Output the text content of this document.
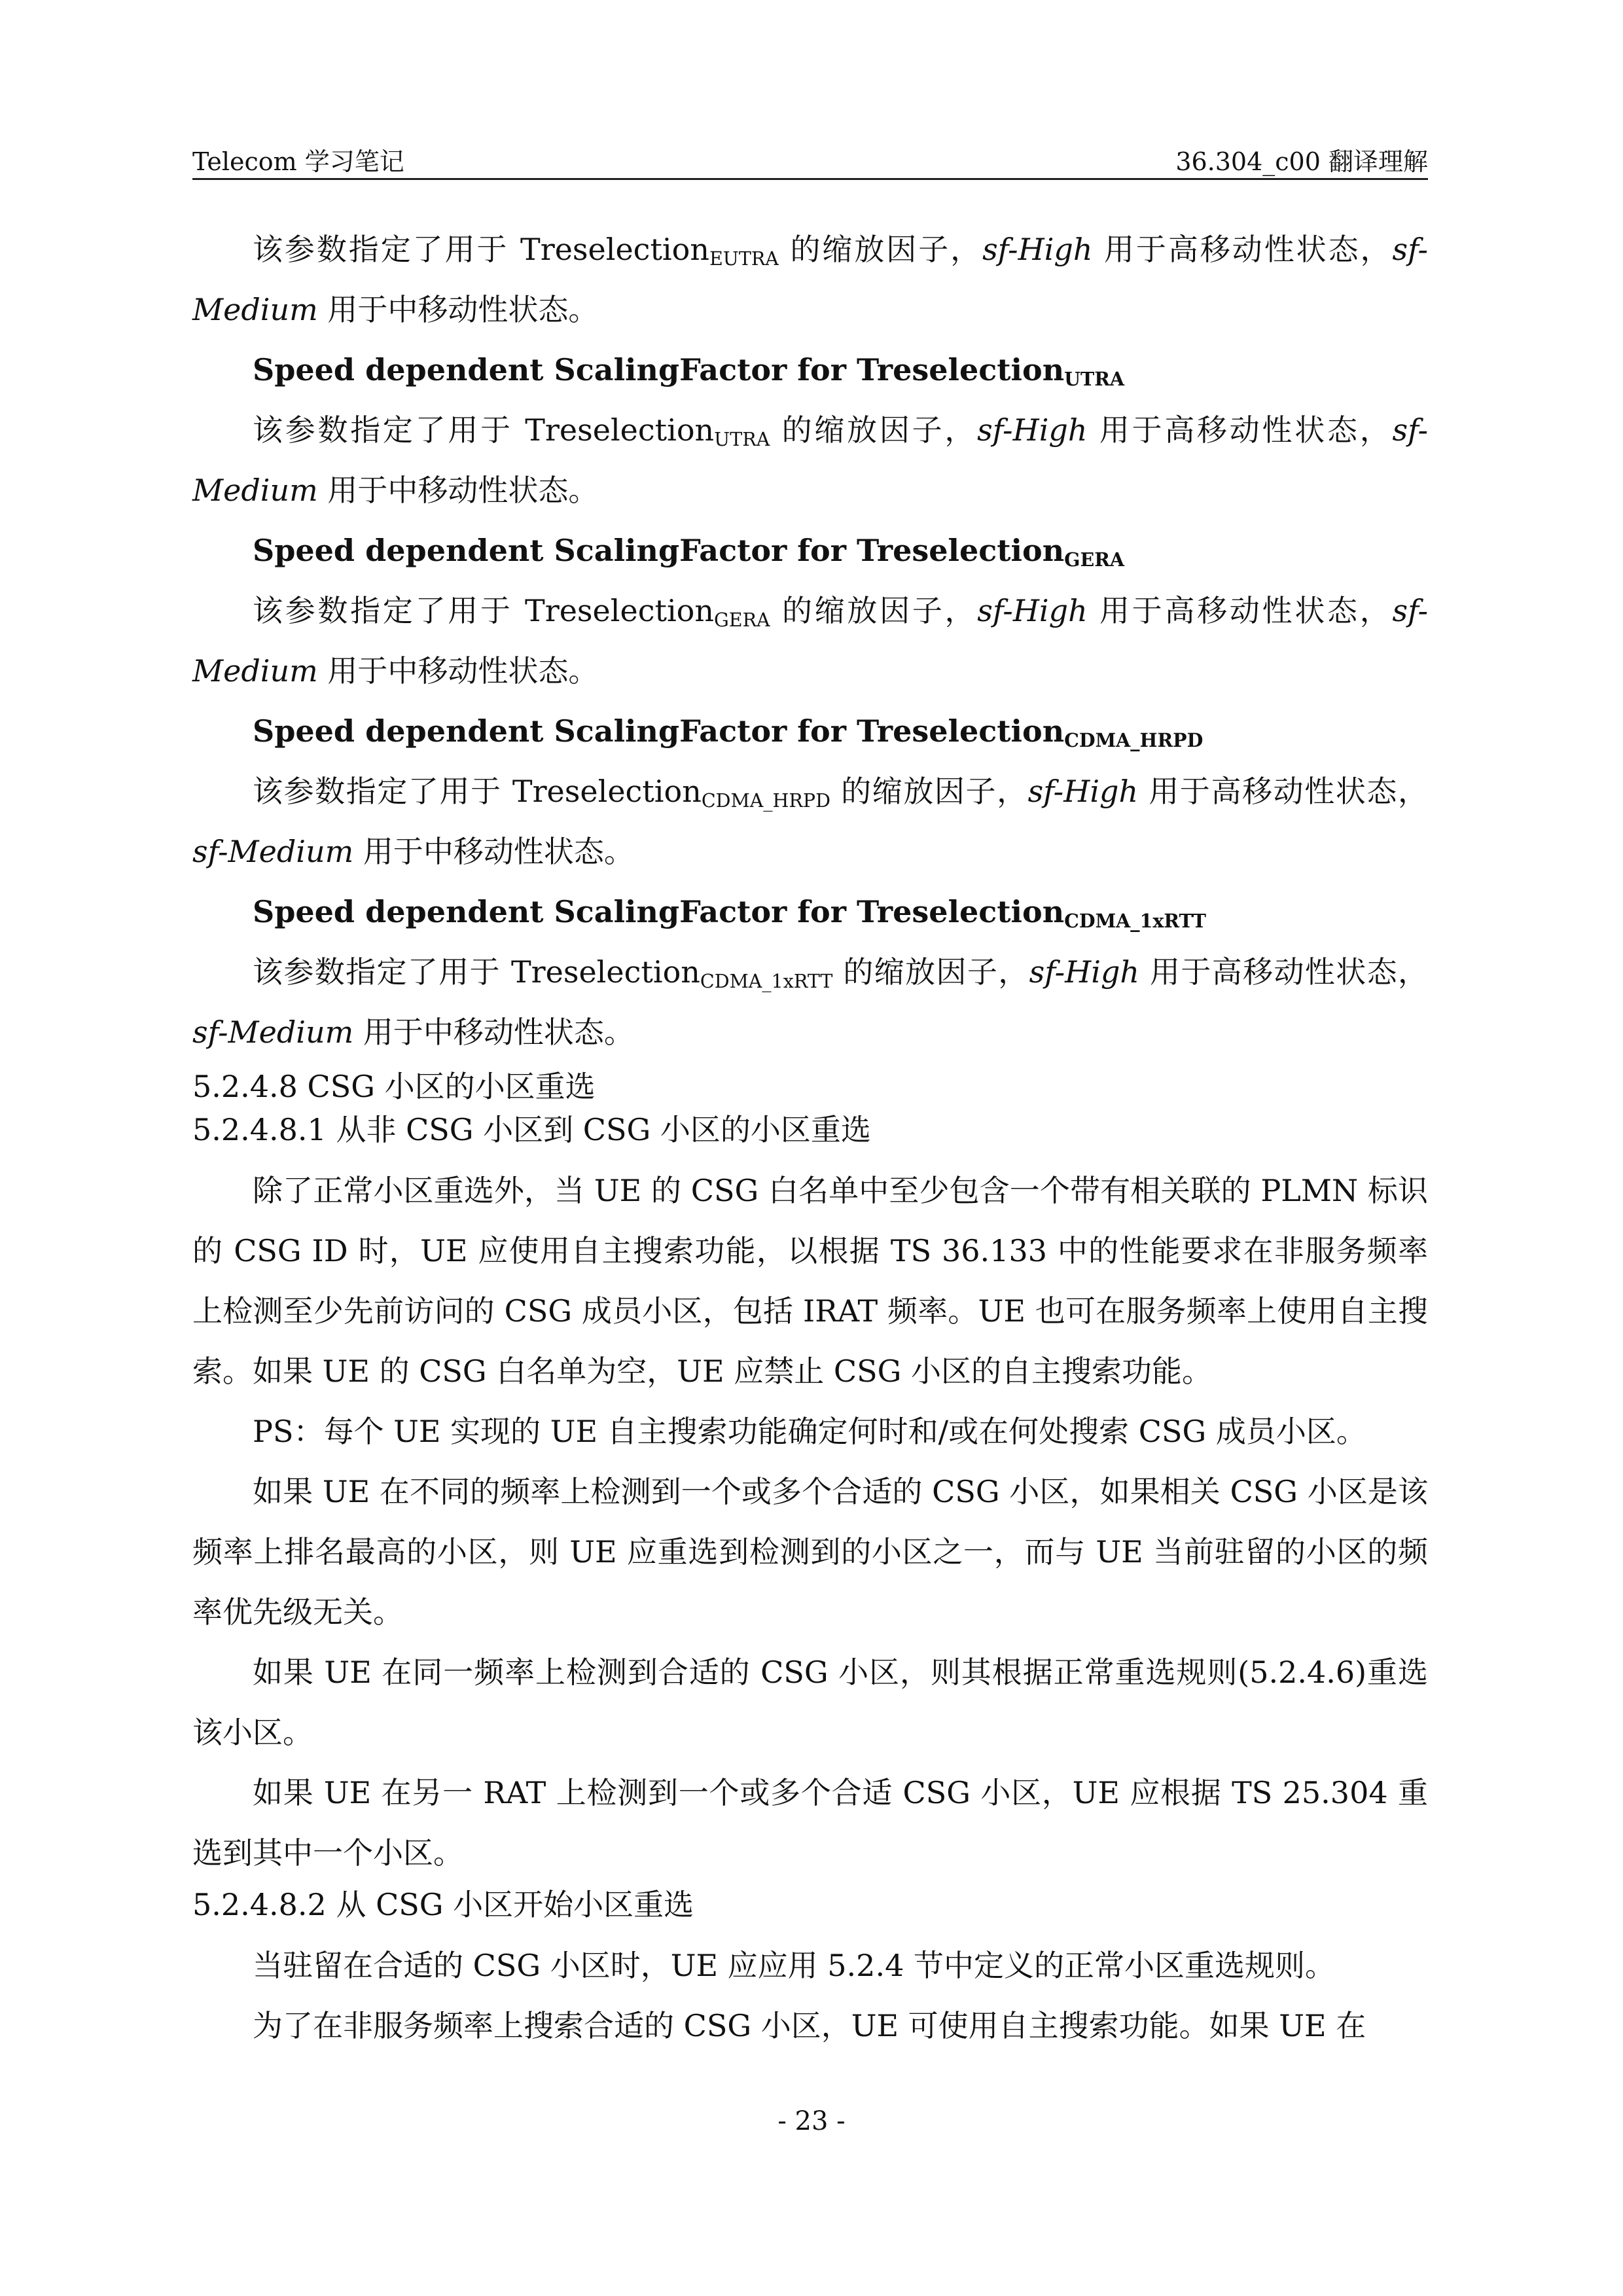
Telecom 学习笔记	36.304_c00 翻译理解

该参数指定了用于 Treselection$_{EUTRA}$ 的缩放因子，sf-High 用于高移动性状态，sf-Medium 用于中移动性状态。

Speed dependent ScalingFactor for Treselection$_{UTRA}$

该参数指定了用于 Treselection$_{UTRA}$ 的缩放因子，sf-High 用于高移动性状态，sf-Medium 用于中移动性状态。

Speed dependent ScalingFactor for Treselection$_{GERA}$

该参数指定了用于 Treselection$_{GERA}$ 的缩放因子，sf-High 用于高移动性状态，sf-Medium 用于中移动性状态。

Speed dependent ScalingFactor for Treselection$_{CDMA\_HRPD}$

该参数指定了用于 Treselection$_{CDMA\_HRPD}$ 的缩放因子，sf-High 用于高移动性状态，sf-Medium 用于中移动性状态。

Speed dependent ScalingFactor for Treselection$_{CDMA\_1xRTT}$

该参数指定了用于 Treselection$_{CDMA\_1xRTT}$ 的缩放因子，sf-High 用于高移动性状态，sf-Medium 用于中移动性状态。

5.2.4.8 CSG 小区的小区重选

5.2.4.8.1 从非 CSG 小区到 CSG 小区的小区重选

除了正常小区重选外，当 UE 的 CSG 白名单中至少包含一个带有相关联的 PLMN 标识的 CSG ID 时，UE 应使用自主搜索功能，以根据 TS 36.133 中的性能要求在非服务频率上检测至少先前访问的 CSG 成员小区，包括 IRAT 频率。UE 也可在服务频率上使用自主搜索。如果 UE 的 CSG 白名单为空，UE 应禁止 CSG 小区的自主搜索功能。

PS：每个 UE 实现的 UE 自主搜索功能确定何时和/或在何处搜索 CSG 成员小区。

如果 UE 在不同的频率上检测到一个或多个合适的 CSG 小区，如果相关 CSG 小区是该频率上排名最高的小区，则 UE 应重选到检测到的小区之一，而与 UE 当前驻留的小区的频率优先级无关。

如果 UE 在同一频率上检测到合适的 CSG 小区，则其根据正常重选规则(5.2.4.6)重选该小区。

如果 UE 在另一 RAT 上检测到一个或多个合适 CSG 小区，UE 应根据 TS 25.304 重选到其中一个小区。

5.2.4.8.2 从 CSG 小区开始小区重选

当驻留在合适的 CSG 小区时，UE 应应用 5.2.4 节中定义的正常小区重选规则。

为了在非服务频率上搜索合适的 CSG 小区，UE 可使用自主搜索功能。如果 UE 在

- 23 -
